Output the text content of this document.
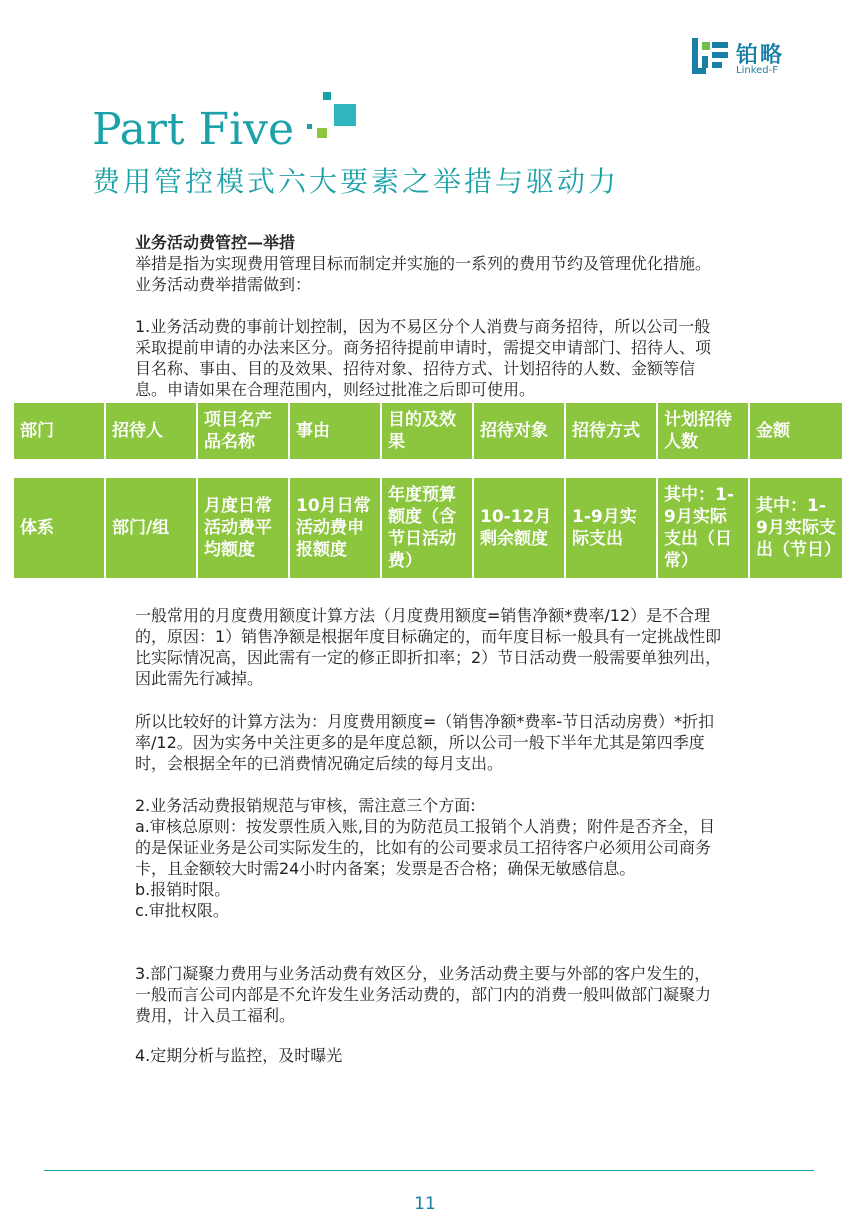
铂略
Linked-F
Part Five
费用管控模式六大要素之举措与驱动力

业务活动费管控—举措

举措是指为实现费用管理目标而制定并实施的一系列的费用节约及管理优化措施。业务活动费举措需做到：

1.业务活动费的事前计划控制，因为不易区分个人消费与商务招待，所以公司一般采取提前申请的办法来区分。商务招待提前申请时，需提交申请部门、招待人、项目名称、事由、目的及效果、招待对象、招待方式、计划招待的人数、金额等信息。申请如果在合理范围内，则经过批准之后即可使用。
部门	招待人	项目名产品名称	事由	目的及效果	招待对象	招待方式	计划招待人数	金额
体系	部门/组	月度日常活动费平均额度	10月日常活动费申报额度	年度预算额度（含节日活动费）	10-12月剩余额度	1-9月实际支出	其中：1-9月实际支出（日常）	其中：1-9月实际支出（节日）
一般常用的月度费用额度计算方法（月度费用额度=销售净额*费率/12）是不合理的，原因：1）销售净额是根据年度目标确定的，而年度目标一般具有一定挑战性即比实际情况高，因此需有一定的修正即折扣率；2）节日活动费一般需要单独列出，因此需先行减掉。
所以比较好的计算方法为：月度费用额度=（销售净额*费率-节日活动房费）*折扣率/12。因为实务中关注更多的是年度总额，所以公司一般下半年尤其是第四季度时，会根据全年的已消费情况确定后续的每月支出。

2.业务活动费报销规范与审核，需注意三个方面:

a.审核总原则：按发票性质入账,目的为防范员工报销个人消费；附件是否齐全，目的是保证业务是公司实际发生的，比如有的公司要求员工招待客户必须用公司商务卡，且金额较大时需24小时内备案；发票是否合格；确保无敏感信息。

b.报销时限。

c.审批权限。

3.部门凝聚力费用与业务活动费有效区分，业务活动费主要与外部的客户发生的，一般而言公司内部是不允许发生业务活动费的，部门内的消费一般叫做部门凝聚力费用，计入员工福利。
4.定期分析与监控，及时曝光
11
